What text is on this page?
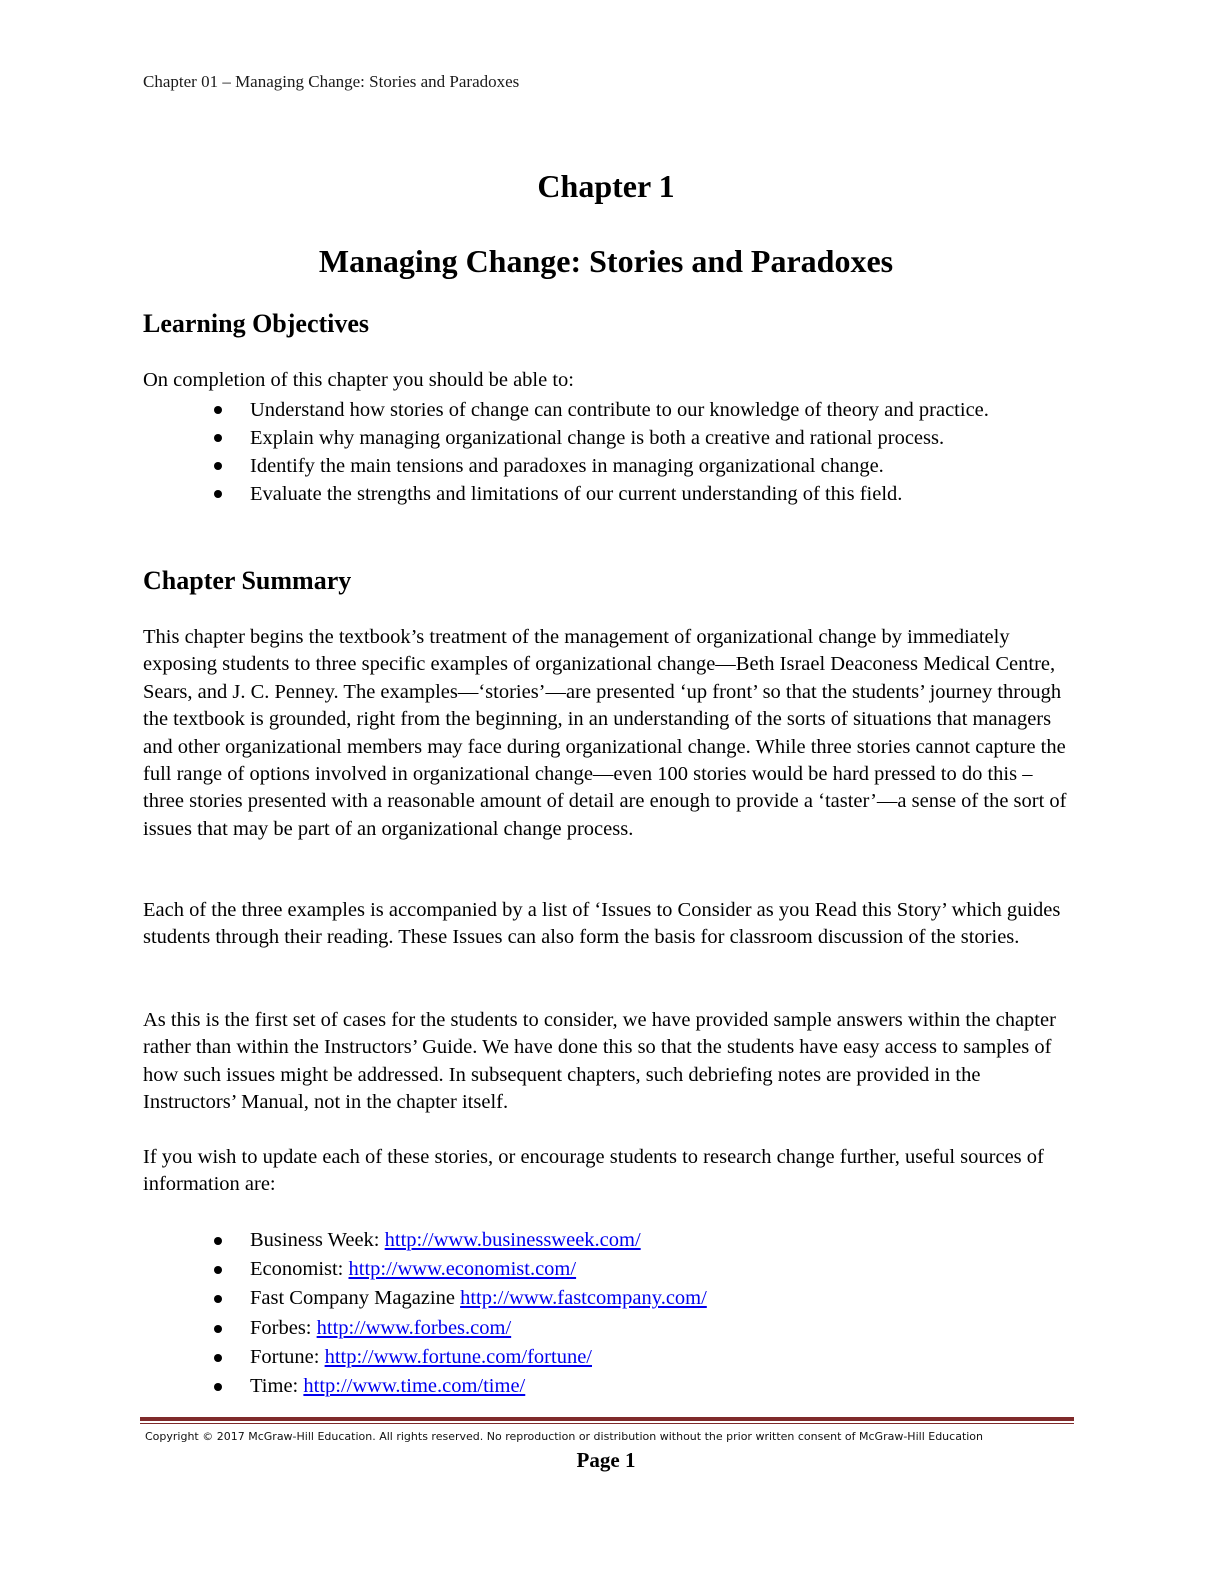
Chapter 01 – Managing Change: Stories and Paradoxes
Chapter 1
Managing Change: Stories and Paradoxes
Learning Objectives

On completion of this chapter you should be able to:

Understand how stories of change can contribute to our knowledge of theory and practice.
Explain why managing organizational change is both a creative and rational process.
Identify the main tensions and paradoxes in managing organizational change.
Evaluate the strengths and limitations of our current understanding of this field.
Chapter Summary

This chapter begins the textbook’s treatment of the management of organizational change by immediately exposing students to three specific examples of organizational change—Beth Israel Deaconess Medical Centre, Sears, and J. C. Penney. The examples—‘stories’—are presented ‘up front’ so that the students’ journey through the textbook is grounded, right from the beginning, in an understanding of the sorts of situations that managers and other organizational members may face during organizational change. While three stories cannot capture the full range of options involved in organizational change—even 100 stories would be hard pressed to do this – three stories presented with a reasonable amount of detail are enough to provide a ‘taster’—a sense of the sort of issues that may be part of an organizational change process.

Each of the three examples is accompanied by a list of ‘Issues to Consider as you Read this Story’ which guides students through their reading. These Issues can also form the basis for classroom discussion of the stories.

As this is the first set of cases for the students to consider, we have provided sample answers within the chapter rather than within the Instructors’ Guide. We have done this so that the students have easy access to samples of how such issues might be addressed. In subsequent chapters, such debriefing notes are provided in the Instructors’ Manual, not in the chapter itself.

If you wish to update each of these stories, or encourage students to research change further, useful sources of information are:

Business Week: http://www.businessweek.com/
Economist: http://www.economist.com/
Fast Company Magazine http://www.fastcompany.com/
Forbes: http://www.forbes.com/
Fortune: http://www.fortune.com/fortune/
Time: http://www.time.com/time/
Copyright © 2017 McGraw-Hill Education. All rights reserved. No reproduction or distribution without the prior written consent of McGraw-Hill Education
Page 1
